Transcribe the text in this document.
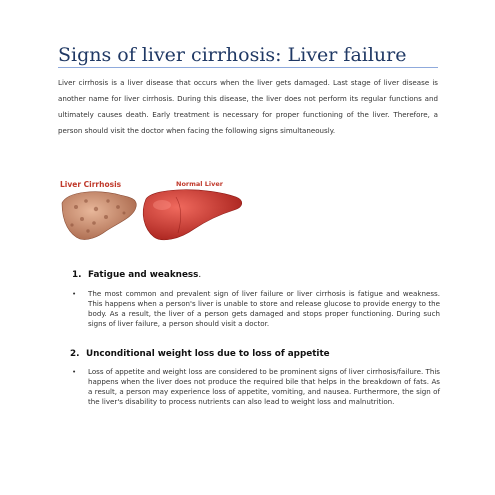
Signs of liver cirrhosis: Liver failure
Liver cirrhosis is a liver disease that occurs when the liver gets damaged. Last stage of liver disease is another name for liver cirrhosis. During this disease, the liver does not perform its regular functions and ultimately causes death. Early treatment is necessary for proper functioning of the liver. Therefore, a person should visit the doctor when facing the following signs simultaneously.
Liver Cirrhosis	Normal Liver
1. Fatigue and weakness.
•	The most common and prevalent sign of liver failure or liver cirrhosis is fatigue and weakness. This happens when a person's liver is unable to store and release glucose to provide energy to the body. As a result, the liver of a person gets damaged and stops proper functioning. During such signs of liver failure, a person should visit a doctor.
2. Unconditional weight loss due to loss of appetite
•	Loss of appetite and weight loss are considered to be prominent signs of liver cirrhosis/failure. This happens when the liver does not produce the required bile that helps in the breakdown of fats. As a result, a person may experience loss of appetite, vomiting, and nausea. Furthermore, the sign of the liver's disability to process nutrients can also lead to weight loss and malnutrition.
